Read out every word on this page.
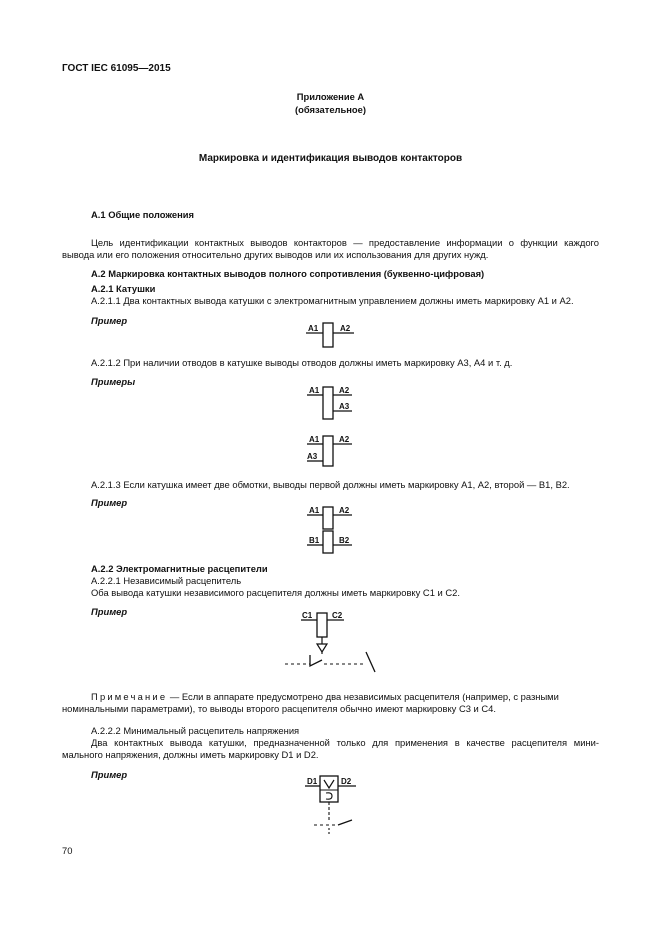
ГОСТ IEC 61095—2015
Приложение А
(обязательное)
Маркировка и идентификация выводов контакторов
А.1 Общие положения
Цель идентификации контактных выводов контакторов — предоставление информации о функции каждого
вывода или его положения относительно других выводов или их использования для других нужд.
А.2 Маркировка контактных выводов полного сопротивления (буквенно-цифровая)
А.2.1 Катушки
А.2.1.1 Два контактных вывода катушки с электромагнитным управлением должны иметь маркировку А1 и А2.
Пример
A1	A2
А.2.1.2 При наличии отводов в катушке выводы отводов должны иметь маркировку А3, А4 и т. д.
Примеры
A1 A2
A3
A1 A2
A3
А.2.1.3 Если катушка имеет две обмотки, выводы первой должны иметь маркировку А1, А2, второй — В1, В2.
Пример
A1 A2
B1 B2
А.2.2 Электромагнитные расцепители
А.2.2.1 Независимый расцепитель
Оба вывода катушки независимого расцепителя должны иметь маркировку С1 и С2.
Пример	C1 C2
Примечание — Если в аппарате предусмотрено два независимых расцепителя (например, с разными
номинальными параметрами), то выводы второго расцепителя обычно имеют маркировку С3 и С4.
А.2.2.2 Минимальный расцепитель напряжения
Два контактных вывода катушки, предназначенной только для применения в качестве расцепителя мини-
мального напряжения, должны иметь маркировку D1 и D2.
Пример
D1	D2
70
